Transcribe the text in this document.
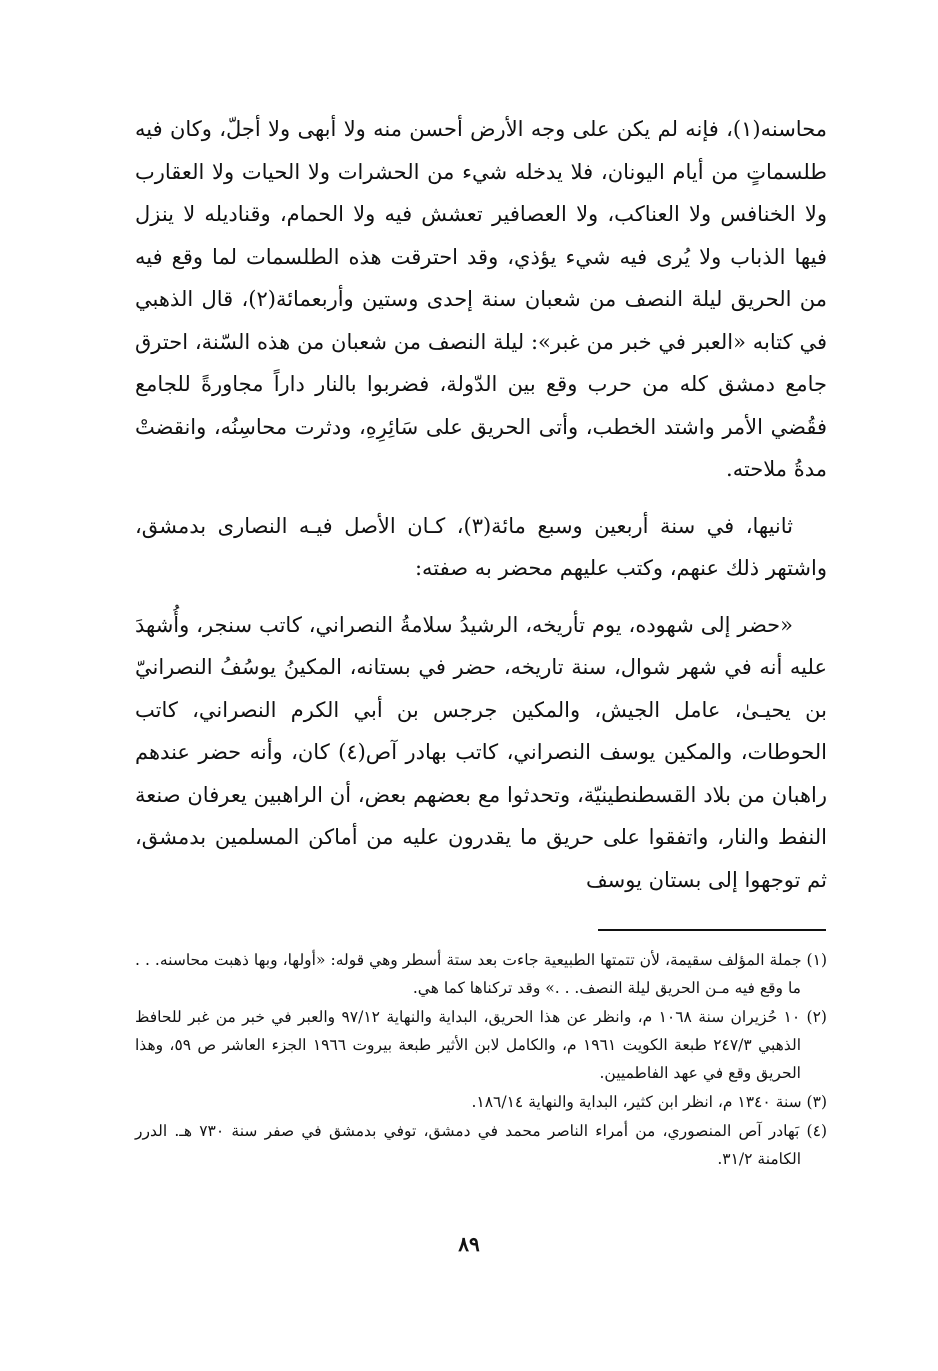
محاسنه(١)، فإنه لم يكن على وجه الأرض أحسن منه ولا أبهى ولا أجلّ، وكان فيه طلسماتٍ من أيام اليونان، فلا يدخله شيء من الحشرات ولا الحيات ولا العقارب ولا الخنافس ولا العناكب، ولا العصافير تعشش فيه ولا الحمام، وقناديله لا ينزل فيها الذباب ولا يُرى فيه شيء يؤذي، وقد احترقت هذه الطلسمات لما وقع فيه من الحريق ليلة النصف من شعبان سنة إحدى وستين وأربعمائة(٢)، قال الذهبي في كتابه «العبر في خبر من غبر»: ليلة النصف من شعبان من هذه السّنة، احترق جامع دمشق كله من حرب وقع بين الدّولة، فضربوا بالنار داراً مجاورةً للجامع فقُضي الأمر واشتد الخطب، وأتى الحريق على سَائِرِهِ، ودثرت محاسِنُه، وانقضتْ مدةُ ملاحته.

ثانيها، في سنة أربعين وسبع مائة(٣)، كـان الأصل فيـه النصارى بدمشق، واشتهر ذلك عنهم، وكتب عليهم محضر به صفته:

«حضر إلى شهوده، يوم تأريخه، الرشيدُ سلامةُ النصراني، كاتب سنجر، وأُشهدَ عليه أنه في شهر شوال، سنة تاريخه، حضر في بستانه، المكينُ يوسُفُ النصرانيّ بن يحيـىٰ، عامل الجيش، والمكين جرجس بن أبي الكرم النصراني، كاتب الحوطات، والمكين يوسف النصراني، كاتب بهادر آص(٤) كان، وأنه حضر عندهم راهبان من بلاد القسطنطينيّة، وتحدثوا مع بعضهم بعض، أن الراهبين يعرفان صنعة النفط والنار، واتفقوا على حريق ما يقدرون عليه من أماكن المسلمين بدمشق، ثم توجهوا إلى بستان يوسف

(١) جملة المؤلف سقيمة، لأن تتمتها الطبيعية جاءت بعد ستة أسطر وهي قوله: «أولها، وبها ذهبت محاسنه. . . ما وقع فيه مـن الحريق ليلة النصف. . .» وقد تركناها كما هي.

(٢) ١٠ حُزيران سنة ١٠٦٨ م، وانظر عن هذا الحريق، البداية والنهاية ٩٧/١٢ والعبر في خبر من غبر للحافظ الذهبي ٢٤٧/٣ طبعة الكويت ١٩٦١ م، والكامل لابن الأثير طبعة بيروت ١٩٦٦ الجزء العاشر ص ٥٩، وهذا الحريق وقع في عهد الفاطميين.

(٣) سنة ١٣٤٠ م، انظر ابن كثير، البداية والنهاية ١٨٦/١٤.

(٤) بَهادر آص المنصوري، من أمراء الناصر محمد في دمشق، توفي بدمشق في صفر سنة ٧٣٠ هـ. الدرر الكامنة ٣١/٢.

٨٩
